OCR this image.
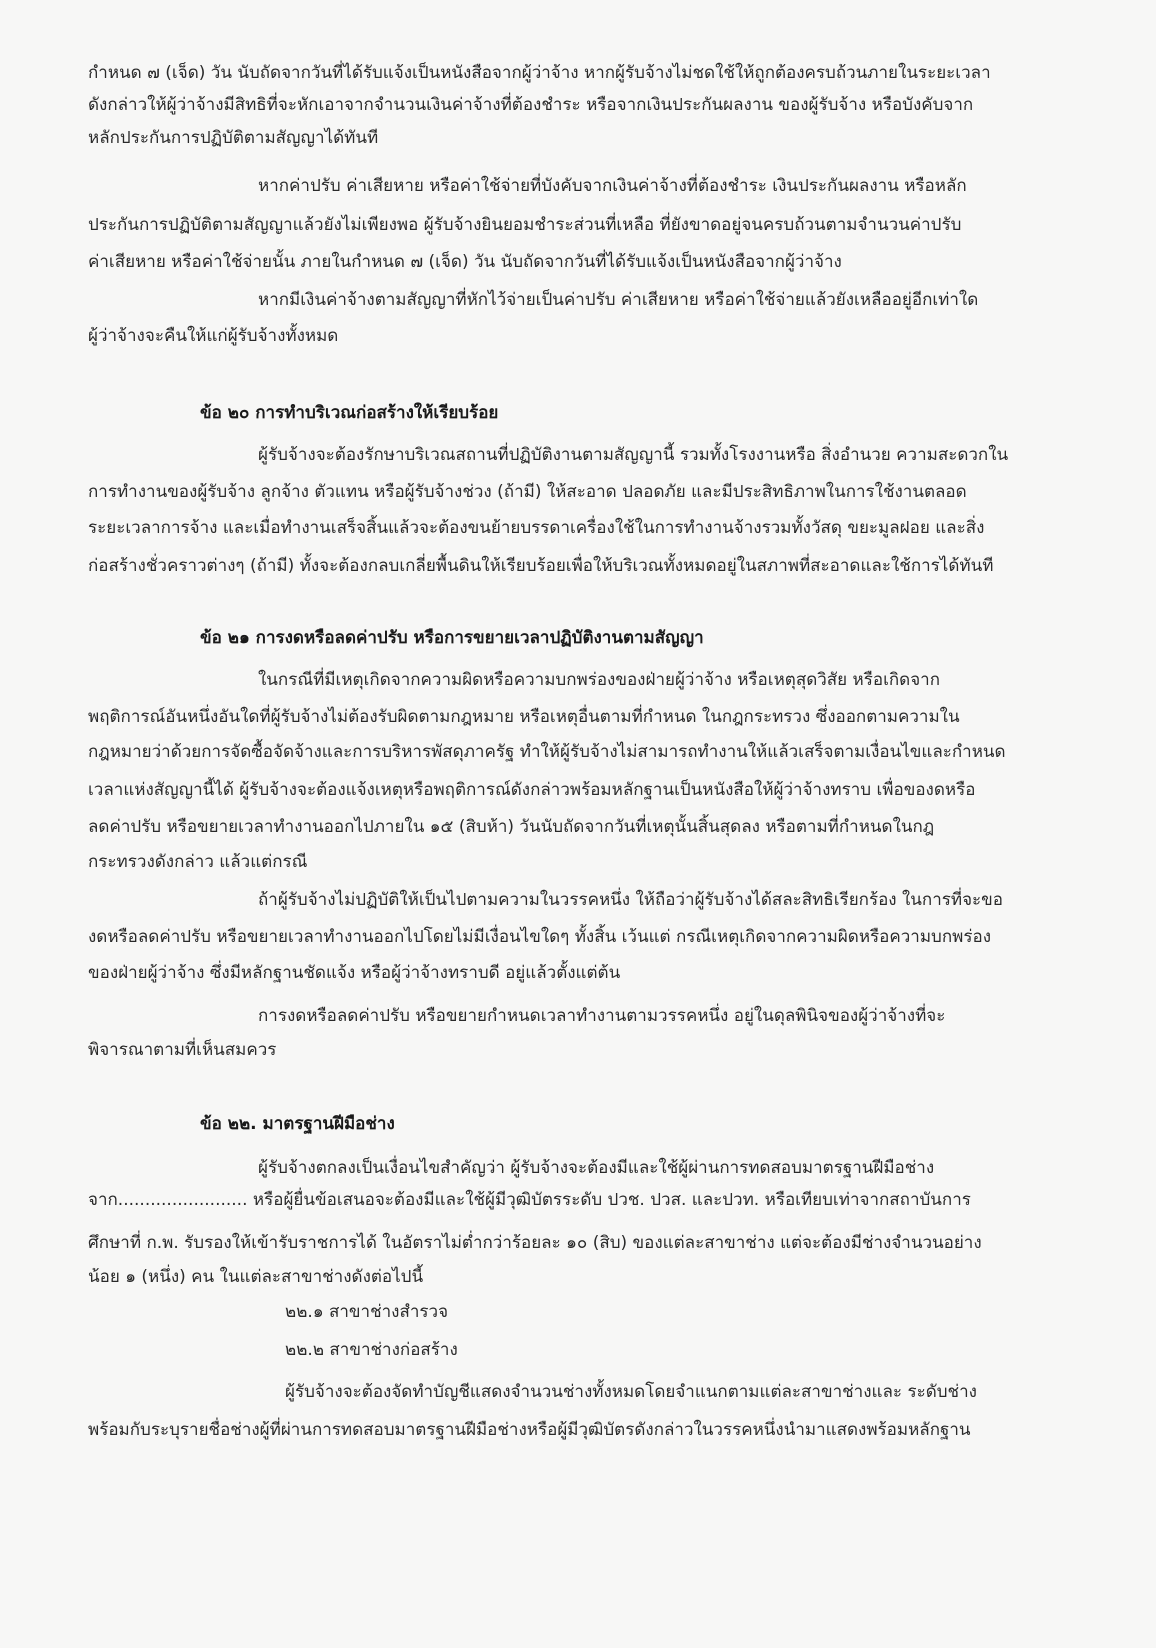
กำหนด ๗ (เจ็ด) วัน นับถัดจากวันที่ได้รับแจ้งเป็นหนังสือจากผู้ว่าจ้าง หากผู้รับจ้างไม่ชดใช้ให้ถูกต้องครบถ้วนภายในระยะเวลา
ดังกล่าวให้ผู้ว่าจ้างมีสิทธิที่จะหักเอาจากจำนวนเงินค่าจ้างที่ต้องชำระ หรือจากเงินประกันผลงาน ของผู้รับจ้าง หรือบังคับจาก
หลักประกันการปฏิบัติตามสัญญาได้ทันที
หากค่าปรับ ค่าเสียหาย หรือค่าใช้จ่ายที่บังคับจากเงินค่าจ้างที่ต้องชำระ เงินประกันผลงาน หรือหลัก
ประกันการปฏิบัติตามสัญญาแล้วยังไม่เพียงพอ ผู้รับจ้างยินยอมชำระส่วนที่เหลือ ที่ยังขาดอยู่จนครบถ้วนตามจำนวนค่าปรับ
ค่าเสียหาย หรือค่าใช้จ่ายนั้น ภายในกำหนด ๗ (เจ็ด) วัน นับถัดจากวันที่ได้รับแจ้งเป็นหนังสือจากผู้ว่าจ้าง
หากมีเงินค่าจ้างตามสัญญาที่หักไว้จ่ายเป็นค่าปรับ ค่าเสียหาย หรือค่าใช้จ่ายแล้วยังเหลืออยู่อีกเท่าใด
ผู้ว่าจ้างจะคืนให้แก่ผู้รับจ้างทั้งหมด
ข้อ ๒๐ การทำบริเวณก่อสร้างให้เรียบร้อย
ผู้รับจ้างจะต้องรักษาบริเวณสถานที่ปฏิบัติงานตามสัญญานี้ รวมทั้งโรงงานหรือ สิ่งอำนวย ความสะดวกใน
การทำงานของผู้รับจ้าง ลูกจ้าง ตัวแทน หรือผู้รับจ้างช่วง (ถ้ามี) ให้สะอาด ปลอดภัย และมีประสิทธิภาพในการใช้งานตลอด
ระยะเวลาการจ้าง และเมื่อทำงานเสร็จสิ้นแล้วจะต้องขนย้ายบรรดาเครื่องใช้ในการทำงานจ้างรวมทั้งวัสดุ ขยะมูลฝอย และสิ่ง
ก่อสร้างชั่วคราวต่างๆ (ถ้ามี) ทั้งจะต้องกลบเกลี่ยพื้นดินให้เรียบร้อยเพื่อให้บริเวณทั้งหมดอยู่ในสภาพที่สะอาดและใช้การได้ทันที
ข้อ ๒๑ การงดหรือลดค่าปรับ หรือการขยายเวลาปฏิบัติงานตามสัญญา
ในกรณีที่มีเหตุเกิดจากความผิดหรือความบกพร่องของฝ่ายผู้ว่าจ้าง หรือเหตุสุดวิสัย หรือเกิดจาก
พฤติการณ์อันหนึ่งอันใดที่ผู้รับจ้างไม่ต้องรับผิดตามกฎหมาย หรือเหตุอื่นตามที่กำหนด ในกฎกระทรวง ซึ่งออกตามความใน
กฎหมายว่าด้วยการจัดซื้อจัดจ้างและการบริหารพัสดุภาครัฐ ทำให้ผู้รับจ้างไม่สามารถทำงานให้แล้วเสร็จตามเงื่อนไขและกำหนด
เวลาแห่งสัญญานี้ได้ ผู้รับจ้างจะต้องแจ้งเหตุหรือพฤติการณ์ดังกล่าวพร้อมหลักฐานเป็นหนังสือให้ผู้ว่าจ้างทราบ เพื่อของดหรือ
ลดค่าปรับ หรือขยายเวลาทำงานออกไปภายใน ๑๕ (สิบห้า) วันนับถัดจากวันที่เหตุนั้นสิ้นสุดลง หรือตามที่กำหนดในกฎ
กระทรวงดังกล่าว แล้วแต่กรณี
ถ้าผู้รับจ้างไม่ปฏิบัติให้เป็นไปตามความในวรรคหนึ่ง ให้ถือว่าผู้รับจ้างได้สละสิทธิเรียกร้อง ในการที่จะขอ
งดหรือลดค่าปรับ หรือขยายเวลาทำงานออกไปโดยไม่มีเงื่อนไขใดๆ ทั้งสิ้น เว้นแต่ กรณีเหตุเกิดจากความผิดหรือความบกพร่อง
ของฝ่ายผู้ว่าจ้าง ซึ่งมีหลักฐานชัดแจ้ง หรือผู้ว่าจ้างทราบดี อยู่แล้วตั้งแต่ต้น
การงดหรือลดค่าปรับ หรือขยายกำหนดเวลาทำงานตามวรรคหนึ่ง อยู่ในดุลพินิจของผู้ว่าจ้างที่จะ
พิจารณาตามที่เห็นสมควร
ข้อ ๒๒. มาตรฐานฝีมือช่าง
ผู้รับจ้างตกลงเป็นเงื่อนไขสำคัญว่า ผู้รับจ้างจะต้องมีและใช้ผู้ผ่านการทดสอบมาตรฐานฝีมือช่าง
จาก........................ หรือผู้ยื่นข้อเสนอจะต้องมีและใช้ผู้มีวุฒิบัตรระดับ ปวช. ปวส. และปวท. หรือเทียบเท่าจากสถาบันการ
ศึกษาที่ ก.พ. รับรองให้เข้ารับราชการได้ ในอัตราไม่ต่ำกว่าร้อยละ ๑๐ (สิบ) ของแต่ละสาขาช่าง แต่จะต้องมีช่างจำนวนอย่าง
น้อย ๑ (หนึ่ง) คน ในแต่ละสาขาช่างดังต่อไปนี้
๒๒.๑ สาขาช่างสำรวจ
๒๒.๒ สาขาช่างก่อสร้าง
ผู้รับจ้างจะต้องจัดทำบัญชีแสดงจำนวนช่างทั้งหมดโดยจำแนกตามแต่ละสาขาช่างและ ระดับช่าง
พร้อมกับระบุรายชื่อช่างผู้ที่ผ่านการทดสอบมาตรฐานฝีมือช่างหรือผู้มีวุฒิบัตรดังกล่าวในวรรคหนึ่งนำมาแสดงพร้อมหลักฐาน
